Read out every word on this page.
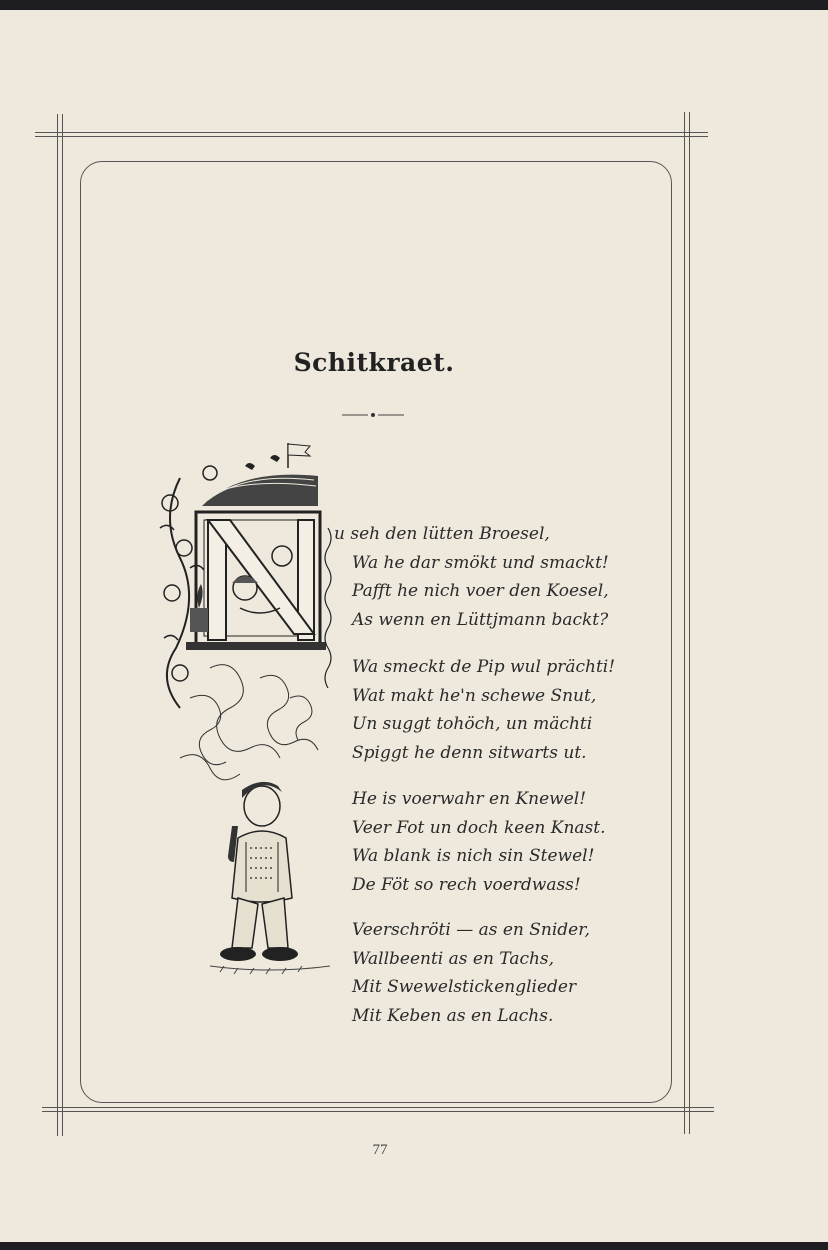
Schitkraet.
u seh den lütten Broesel,
Wa he dar smökt und smackt!
Pafft he nich voer den Koesel,
As wenn en Lüttjmann backt?
Wa smeckt de Pip wul prächti!
Wat makt he'n schewe Snut,
Un suggt tohöch, un mächti
Spiggt he denn sitwarts ut.
He is voerwahr en Knewel!
Veer Fot un doch keen Knast.
Wa blank is nich sin Stewel!
De Föt so rech voerdwass!
Veerschröti — as en Snider,
Wallbeenti as en Tachs,
Mit Swewelstickenglieder
Mit Keben as en Lachs.
77
